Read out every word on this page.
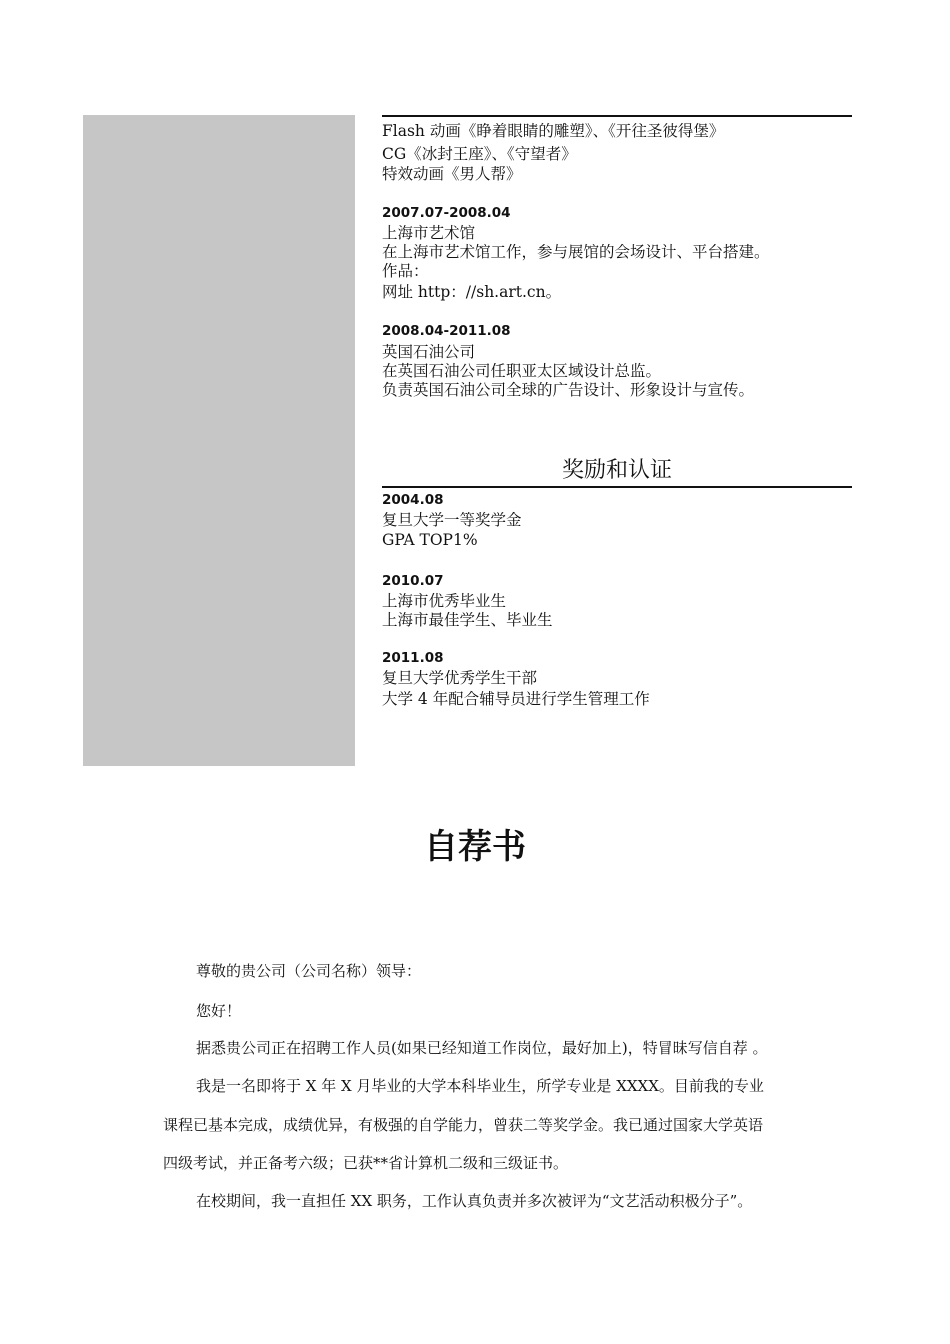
Flash 动画《睁着眼睛的雕塑》、《开往圣彼得堡》
CG《冰封王座》、《守望者》
特效动画《男人帮》
2007.07-2008.04
上海市艺术馆
在上海市艺术馆工作，参与展馆的会场设计、平台搭建。
作品：
网址 http：//sh.art.cn。
2008.04-2011.08
英国石油公司
在英国石油公司任职亚太区域设计总监。
负责英国石油公司全球的广告设计、形象设计与宣传。
奖励和认证
2004.08
复旦大学一等奖学金
GPA TOP1%
2010.07
上海市优秀毕业生
上海市最佳学生、毕业生
2011.08
复旦大学优秀学生干部
大学 4 年配合辅导员进行学生管理工作
自荐书
尊敬的贵公司（公司名称）领导：
您好！
据悉贵公司正在招聘工作人员(如果已经知道工作岗位，最好加上)，特冒昧写信自荐 。
我是一名即将于 X 年 X 月毕业的大学本科毕业生，所学专业是 XXXX。目前我的专业
课程已基本完成，成绩优异，有极强的自学能力，曾获二等奖学金。我已通过国家大学英语
四级考试，并正备考六级；已获**省计算机二级和三级证书。
在校期间，我一直担任 XX 职务，工作认真负责并多次被评为“文艺活动积极分子”。
